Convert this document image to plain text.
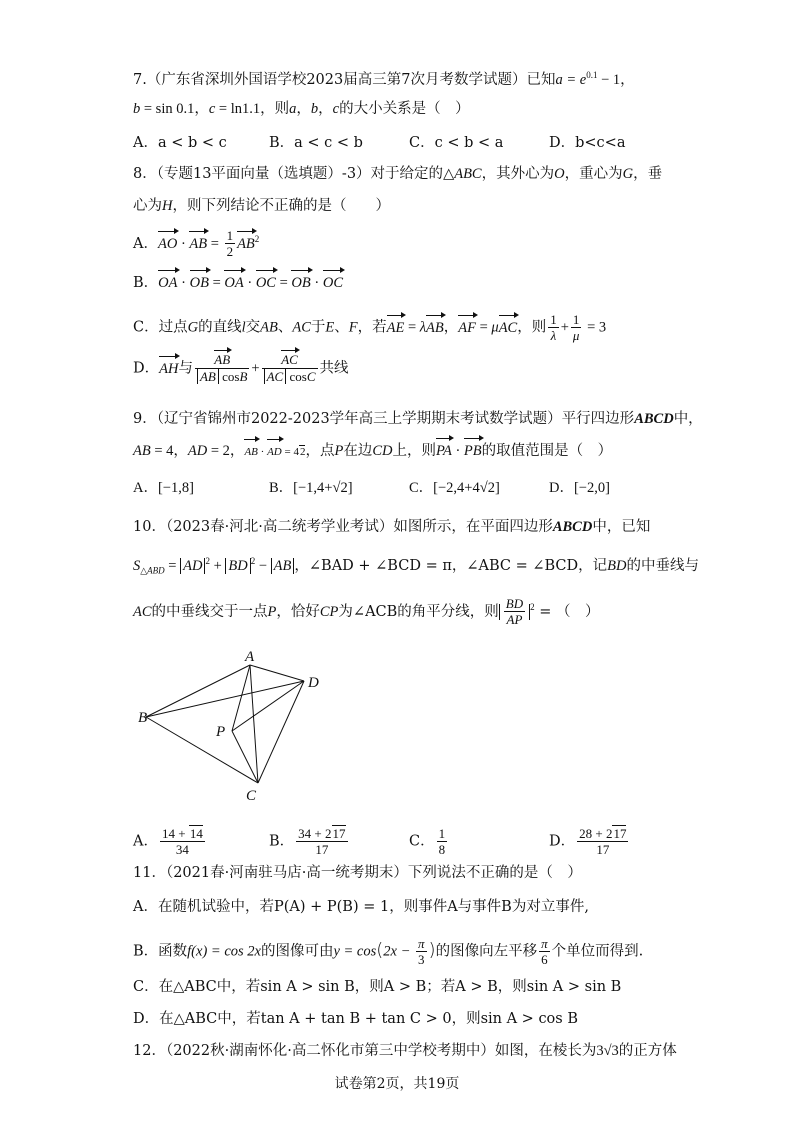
7.（广东省深圳外国语学校2023届高三第7次月考数学试题）已知$a = e^{0.1} - 1$，
b = sin 0.1，c = ln1.1，则a，b，c的大小关系是（　）
A．a < b < c	B．a < c < b	C．c < b < a	D．b<c<a
8．（专题13平面向量（选填题）-3）对于给定的△ABC，其外心为O，重心为G，垂
心为H，则下列结论不正确的是（　　）
A．AO · AB = $\frac{1}{2} AB^2$
B．OA · OB = OA · OC = OB · OC
C．过点G的直线l交AB、AC于E、F，若AE = λAB，AF = μAC，则 $\frac{1}{\lambda} + \frac{1}{\mu} = 3$
D．AH与 $\frac{AB}{\text{AB cosB}} + \frac{AC}{\text{AC cosC}}$ 共线
9．（辽宁省锦州市2022-2023学年高三上学期期末考试数学试题）平行四边形ABCD中，
AB = 4，AD = 2，AB · AD = 42，点P在边CD上，则PA · PB的取值范围是（　）
A．[−1,8]	B．[−1,4+√2]	C．[−2,4+4√2]	D．[−2,0]
10．（2023春·河北·高二统考学业考试）如图所示，在平面四边形ABCD中，已知
$S_{\triangle ABD}$ = AD $^2$ + BD $^2$ − AB ，∠BAD + ∠BCD = π，∠ABC = ∠BCD，记BD的中垂线与
AC的中垂线交于一点P，恰好CP为∠ACB的角平分线，则 $\frac{BD}{AP} ^2$ = （　）
A
D
B
P
C
A． $\frac{14 + 14}{34}$	B． $\frac{34 + 217}{17}$	C． $\frac{1}{8}$	D． $\frac{28 + 217}{17}$
11．（2021春·河南驻马店·高一统考期末）下列说法不正确的是（　）
A．在随机试验中，若P(A) + P(B) = 1，则事件A与事件B为对立事件,
B．函数f(x) = cos 2x的图像可由$y = \cos(2x - \frac{\pi}{3}$ )的图像向左平移 $\frac{\pi}{6}$ 个单位而得到.
C．在△ABC中，若sin A > sin B，则A > B；若A > B，则sin A > sin B
D．在△ABC中，若tan A + tan B + tan C > 0，则sin A > cos B
12．（2022秋·湖南怀化·高二怀化市第三中学校考期中）如图，在棱长为3√3的正方体
试卷第2页，共19页
